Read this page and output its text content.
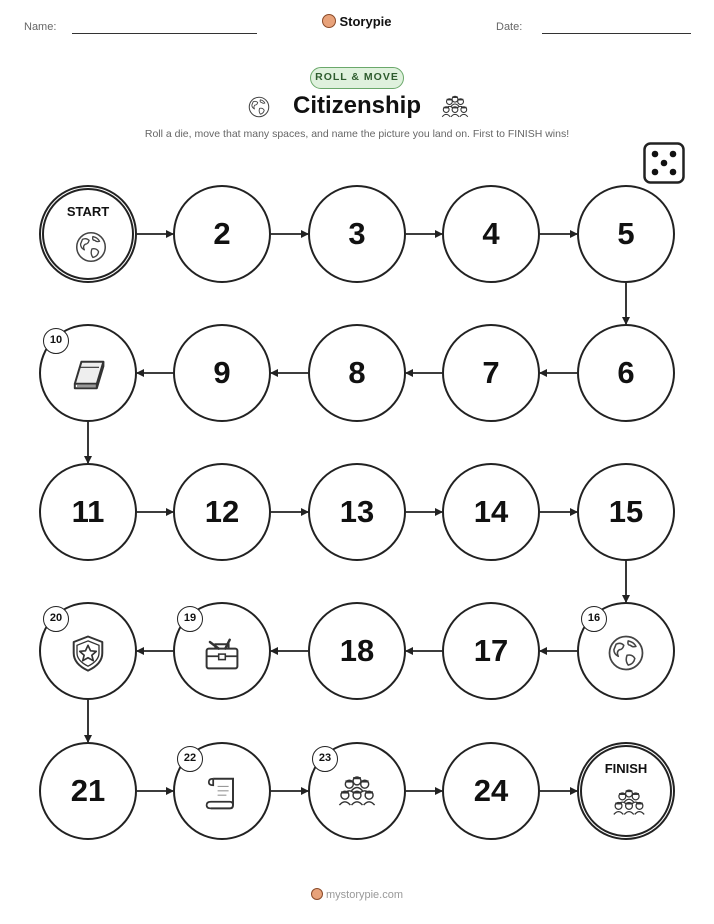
Name:	Date:
Storypie
ROLL & MOVE
Citizenship
Roll a die, move that many spaces, and name the picture you land on. First to FINISH wins!
START
2	3	4	5
6
7
8
9
10
11	12	13	14	15
16
17
18
19
20
21
22	23
24
FINISH
mystorypie.com
